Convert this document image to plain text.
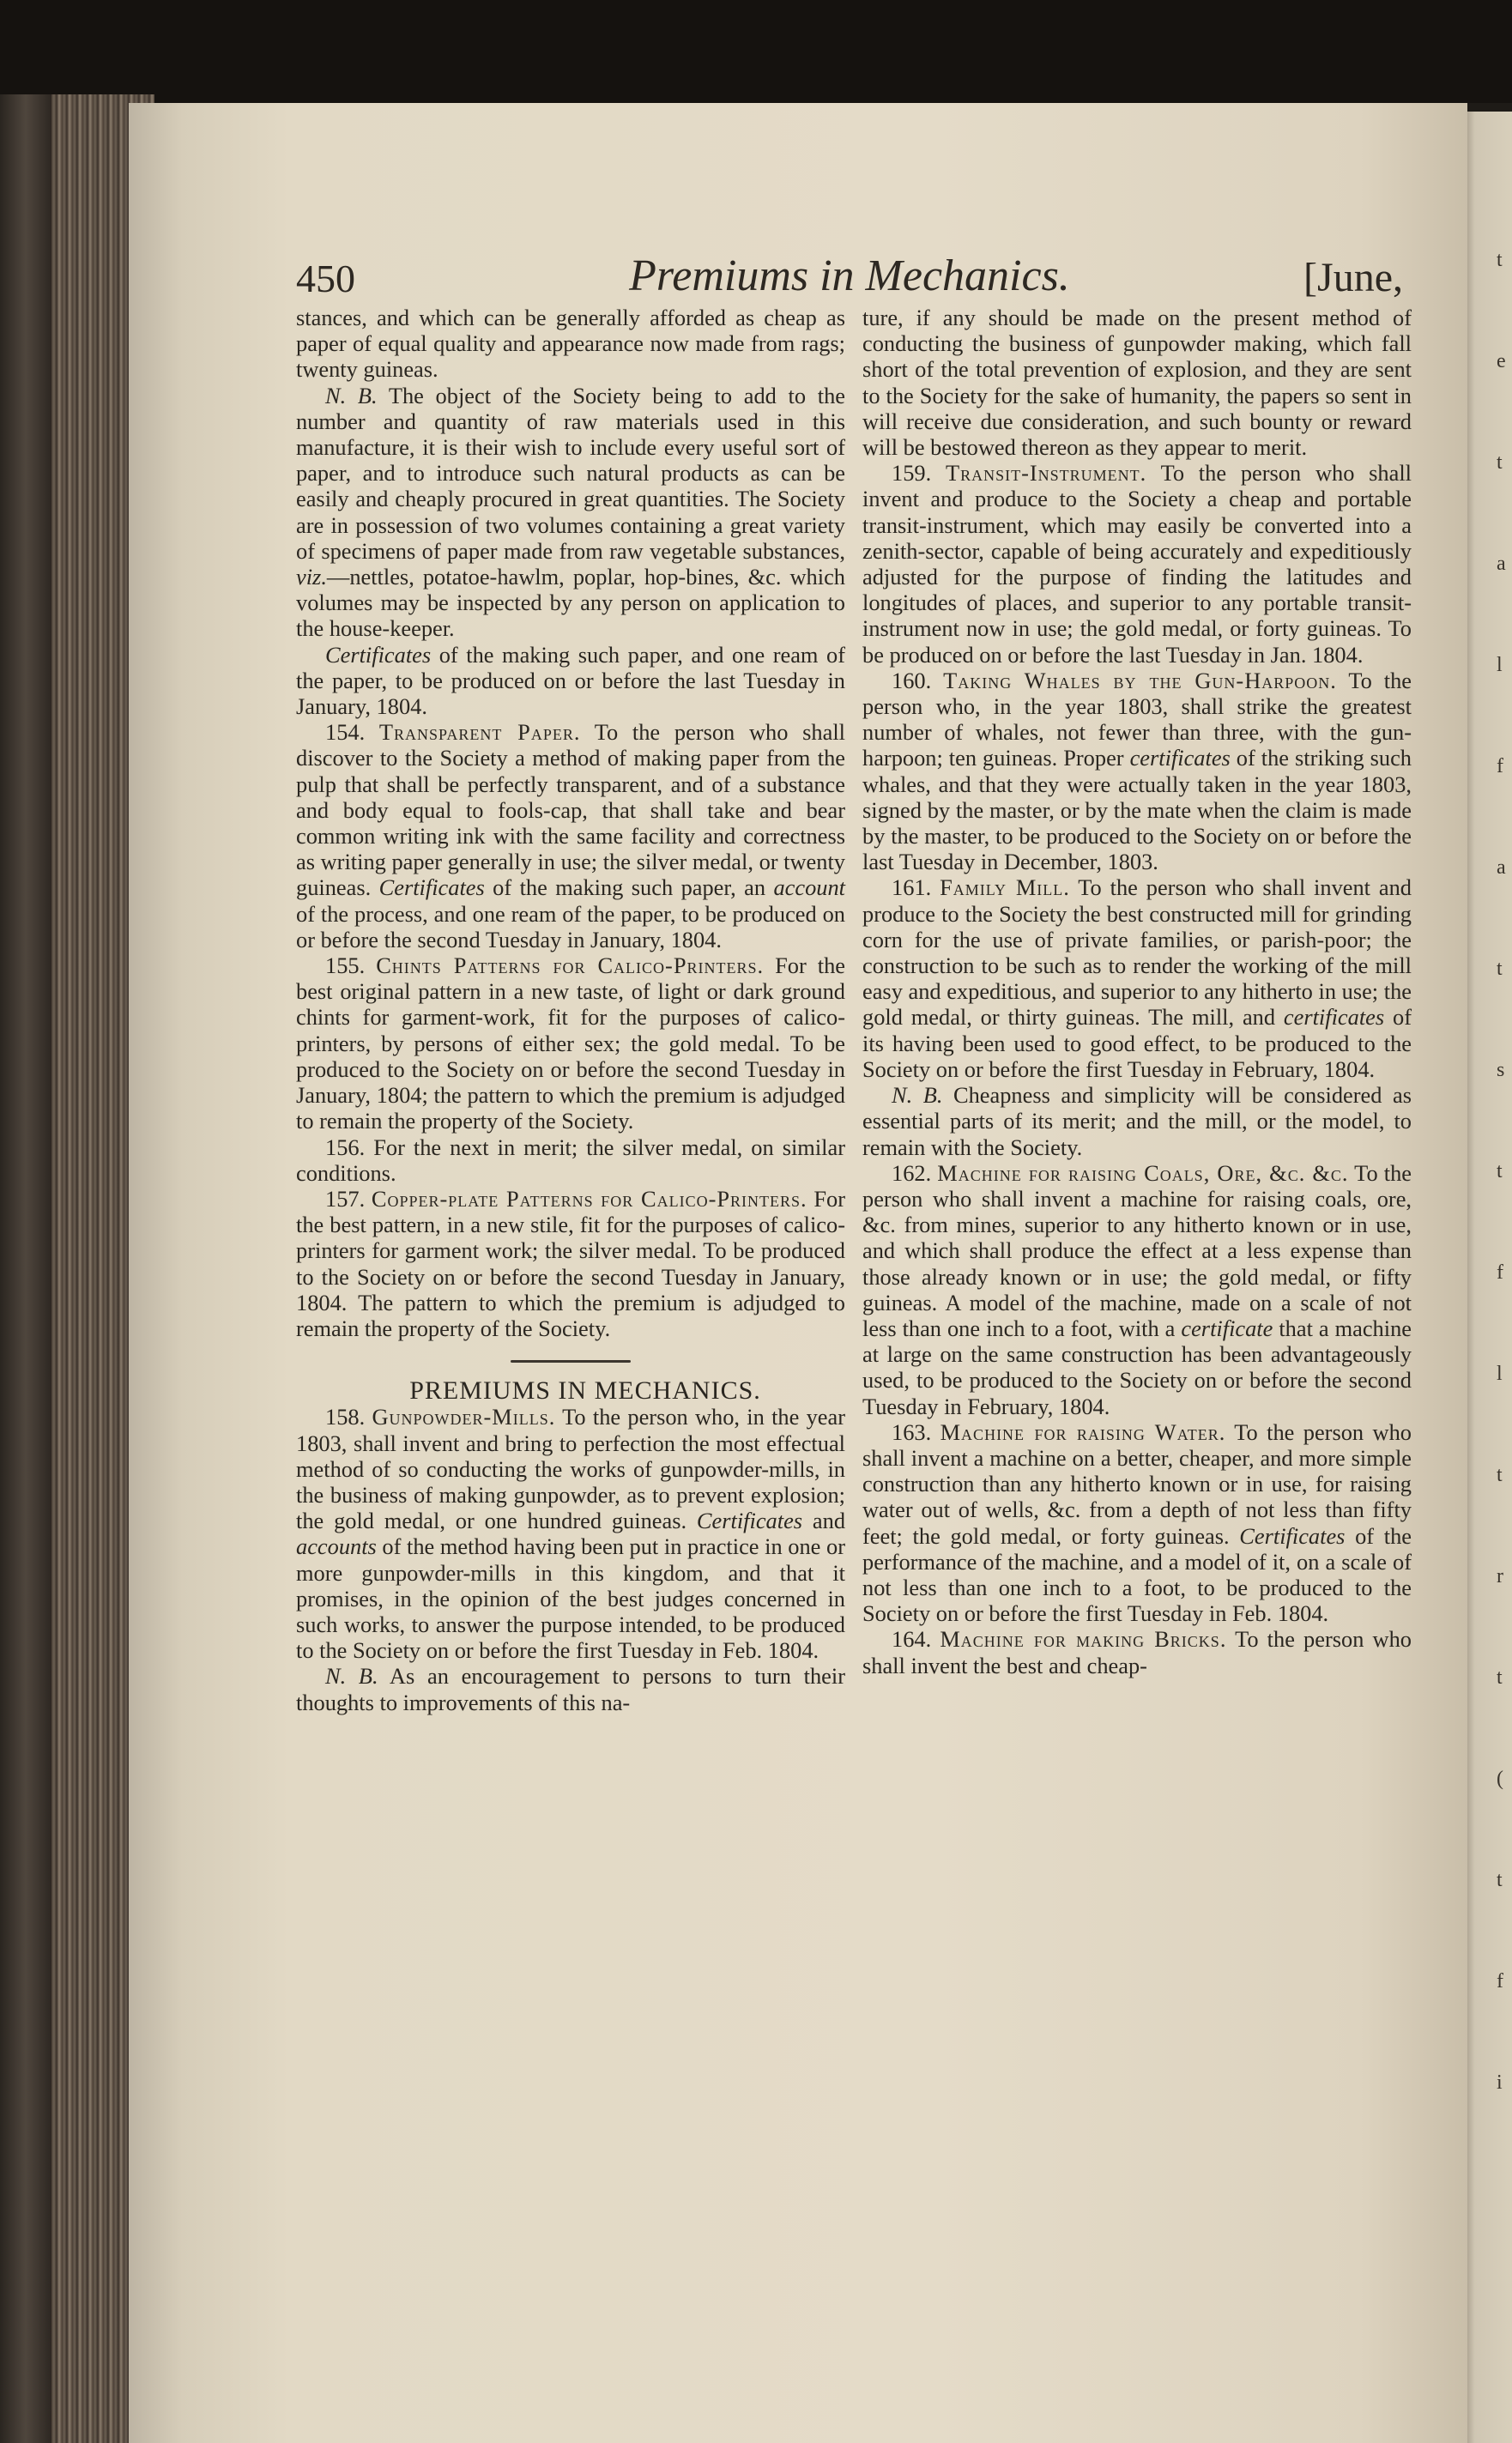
t
e
t
a
l
f
a
t
s
t
f
l
t
r
t
(
t
f
i
450	Premiums in Mechanics.	[June,

stances, and which can be generally afforded as cheap as paper of equal quality and appearance now made from rags; twenty guineas.

N. B. The object of the Society being to add to the number and quantity of raw materials used in this manufacture, it is their wish to include every useful sort of paper, and to introduce such natural products as can be easily and cheaply procured in great quantities. The Society are in possession of two volumes containing a great variety of specimens of paper made from raw vegetable substances, viz.—nettles, potatoe-hawlm, poplar, hop-bines, &c. which volumes may be inspected by any person on application to the house-keeper.

Certificates of the making such paper, and one ream of the paper, to be produced on or before the last Tuesday in January, 1804.

154. Transparent Paper. To the person who shall discover to the Society a method of making paper from the pulp that shall be perfectly transparent, and of a substance and body equal to fools-cap, that shall take and bear common writing ink with the same facility and correctness as writing paper generally in use; the silver medal, or twenty guineas. Certificates of the making such paper, an account of the process, and one ream of the paper, to be produced on or before the second Tuesday in January, 1804.

155. Chints Patterns for Calico-Printers. For the best original pattern in a new taste, of light or dark ground chints for garment-work, fit for the purposes of calico-printers, by persons of either sex; the gold medal. To be produced to the Society on or before the second Tuesday in January, 1804; the pattern to which the premium is adjudged to remain the property of the Society.

156. For the next in merit; the silver medal, on similar conditions.

157. Copper-plate Patterns for Calico-Printers. For the best pattern, in a new stile, fit for the purposes of calico-printers for garment work; the silver medal. To be produced to the Society on or before the second Tuesday in January, 1804. The pattern to which the premium is adjudged to remain the property of the Society.

PREMIUMS IN MECHANICS.

158. Gunpowder-Mills. To the person who, in the year 1803, shall invent and bring to perfection the most effectual method of so conducting the works of gunpowder-mills, in the business of making gunpowder, as to prevent explosion; the gold medal, or one hundred guineas. Certificates and accounts of the method having been put in practice in one or more gunpowder-mills in this kingdom, and that it promises, in the opinion of the best judges concerned in such works, to answer the purpose intended, to be produced to the Society on or before the first Tuesday in Feb. 1804.

N. B. As an encouragement to persons to turn their thoughts to improvements of this na-

ture, if any should be made on the present method of conducting the business of gunpowder making, which fall short of the total prevention of explosion, and they are sent to the Society for the sake of humanity, the papers so sent in will receive due consideration, and such bounty or reward will be bestowed thereon as they appear to merit.

159. Transit-Instrument. To the person who shall invent and produce to the Society a cheap and portable transit-instrument, which may easily be converted into a zenith-sector, capable of being accurately and expeditiously adjusted for the purpose of finding the latitudes and longitudes of places, and superior to any portable transit-instrument now in use; the gold medal, or forty guineas. To be produced on or before the last Tuesday in Jan. 1804.

160. Taking Whales by the Gun-Harpoon. To the person who, in the year 1803, shall strike the greatest number of whales, not fewer than three, with the gun-harpoon; ten guineas. Proper certificates of the striking such whales, and that they were actually taken in the year 1803, signed by the master, or by the mate when the claim is made by the master, to be produced to the Society on or before the last Tuesday in December, 1803.

161. Family Mill. To the person who shall invent and produce to the Society the best constructed mill for grinding corn for the use of private families, or parish-poor; the construction to be such as to render the working of the mill easy and expeditious, and superior to any hitherto in use; the gold medal, or thirty guineas. The mill, and certificates of its having been used to good effect, to be produced to the Society on or before the first Tuesday in February, 1804.

N. B. Cheapness and simplicity will be considered as essential parts of its merit; and the mill, or the model, to remain with the Society.

162. Machine for raising Coals, Ore, &c. &c. To the person who shall invent a machine for raising coals, ore, &c. from mines, superior to any hitherto known or in use, and which shall produce the effect at a less expense than those already known or in use; the gold medal, or fifty guineas. A model of the machine, made on a scale of not less than one inch to a foot, with a certificate that a machine at large on the same construction has been advantageously used, to be produced to the Society on or before the second Tuesday in February, 1804.

163. Machine for raising Water. To the person who shall invent a machine on a better, cheaper, and more simple construction than any hitherto known or in use, for raising water out of wells, &c. from a depth of not less than fifty feet; the gold medal, or forty guineas. Certificates of the performance of the machine, and a model of it, on a scale of not less than one inch to a foot, to be produced to the Society on or before the first Tuesday in Feb. 1804.

164. Machine for making Bricks. To the person who shall invent the best and cheap-
